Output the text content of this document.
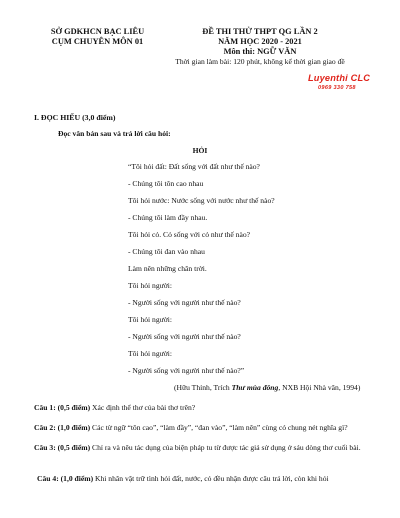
SỞ GDKHCN BẠC LIÊU
CỤM CHUYÊN MÔN 01
ĐỀ THI THỬ THPT QG LẦN 2
NĂM HỌC 2020 - 2021
Môn thi: NGỮ VĂN
Thời gian làm bài: 120 phút, không kể thời gian giao đề
Luyenthi CLC
0969 330 758
I. ĐỌC HIỂU (3,0 điểm)
Đọc văn bản sau và trả lời câu hỏi:
HỎI
“Tôi hỏi đất: Đất sống với đất như thế nào?
- Chúng tôi tôn cao nhau
Tôi hỏi nước: Nước sống với nước như thế nào?
- Chúng tôi làm đầy nhau.
Tôi hỏi cỏ. Cỏ sống với cỏ như thế nào?
- Chúng tôi đan vào nhau
Làm nên những chân trời.
Tôi hỏi người:
- Người sống với người như thế nào?
Tôi hỏi người:
- Người sống với người như thế nào?
Tôi hỏi người:
- Người sống với người như thế nào?”
(Hữu Thỉnh, Trích Thư mùa đông, NXB Hội Nhà văn, 1994)
Câu 1: (0,5 điểm) Xác định thể thơ của bài thơ trên?
Câu 2: (1,0 điểm) Các từ ngữ “tôn cao”, “làm đầy”, “đan vào”, “làm nên” cùng có chung nét nghĩa gì?
Câu 3: (0,5 điểm) Chỉ ra và nêu tác dụng của biện pháp tu từ được tác giả sử dụng ở sáu dòng thơ cuối bài.
Câu 4: (1,0 điểm) Khi nhân vật trữ tình hỏi đất, nước, cỏ đều nhận được câu trả lời, còn khi hỏi
